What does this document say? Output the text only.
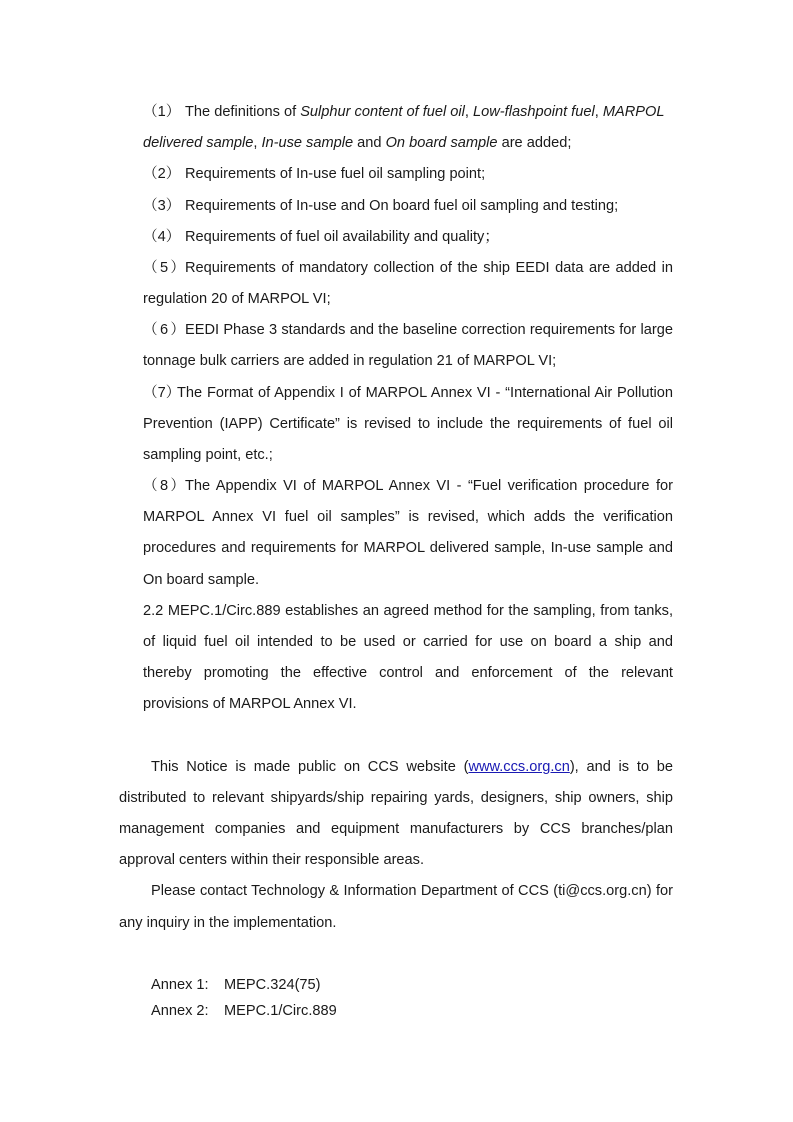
（1） The definitions of Sulphur content of fuel oil, Low-flashpoint fuel, MARPOL
delivered sample, In-use sample and On board sample are added;
（2） Requirements of In-use fuel oil sampling point;
（3） Requirements of In-use and On board fuel oil sampling and testing;
（4） Requirements of fuel oil availability and quality；
（5）Requirements of mandatory collection of the ship EEDI data are added in
regulation 20 of MARPOL VI;
（6）EEDI Phase 3 standards and the baseline correction requirements for large
tonnage bulk carriers are added in regulation 21 of MARPOL VI;
（7）The Format of Appendix I of MARPOL Annex VI - “International Air Pollution
Prevention (IAPP) Certificate” is revised to include the requirements of fuel oil
sampling point, etc.;
（8）The Appendix VI of MARPOL Annex VI - “Fuel verification procedure for
MARPOL Annex VI fuel oil samples” is revised, which adds the verification
procedures and requirements for MARPOL delivered sample, In-use sample and
On board sample.
2.2 MEPC.1/Circ.889 establishes an agreed method for the sampling, from tanks,
of liquid fuel oil intended to be used or carried for use on board a ship and
thereby promoting the effective control and enforcement of the relevant
provisions of MARPOL Annex VI.
This Notice is made public on CCS website (www.ccs.org.cn), and is to be
distributed to relevant shipyards/ship repairing yards, designers, ship owners, ship
management companies and equipment manufacturers by CCS branches/plan
approval centers within their responsible areas.
Please contact Technology & Information Department of CCS (ti@ccs.org.cn) for
any inquiry in the implementation.
Annex 1: MEPC.324(75)
Annex 2: MEPC.1/Circ.889
